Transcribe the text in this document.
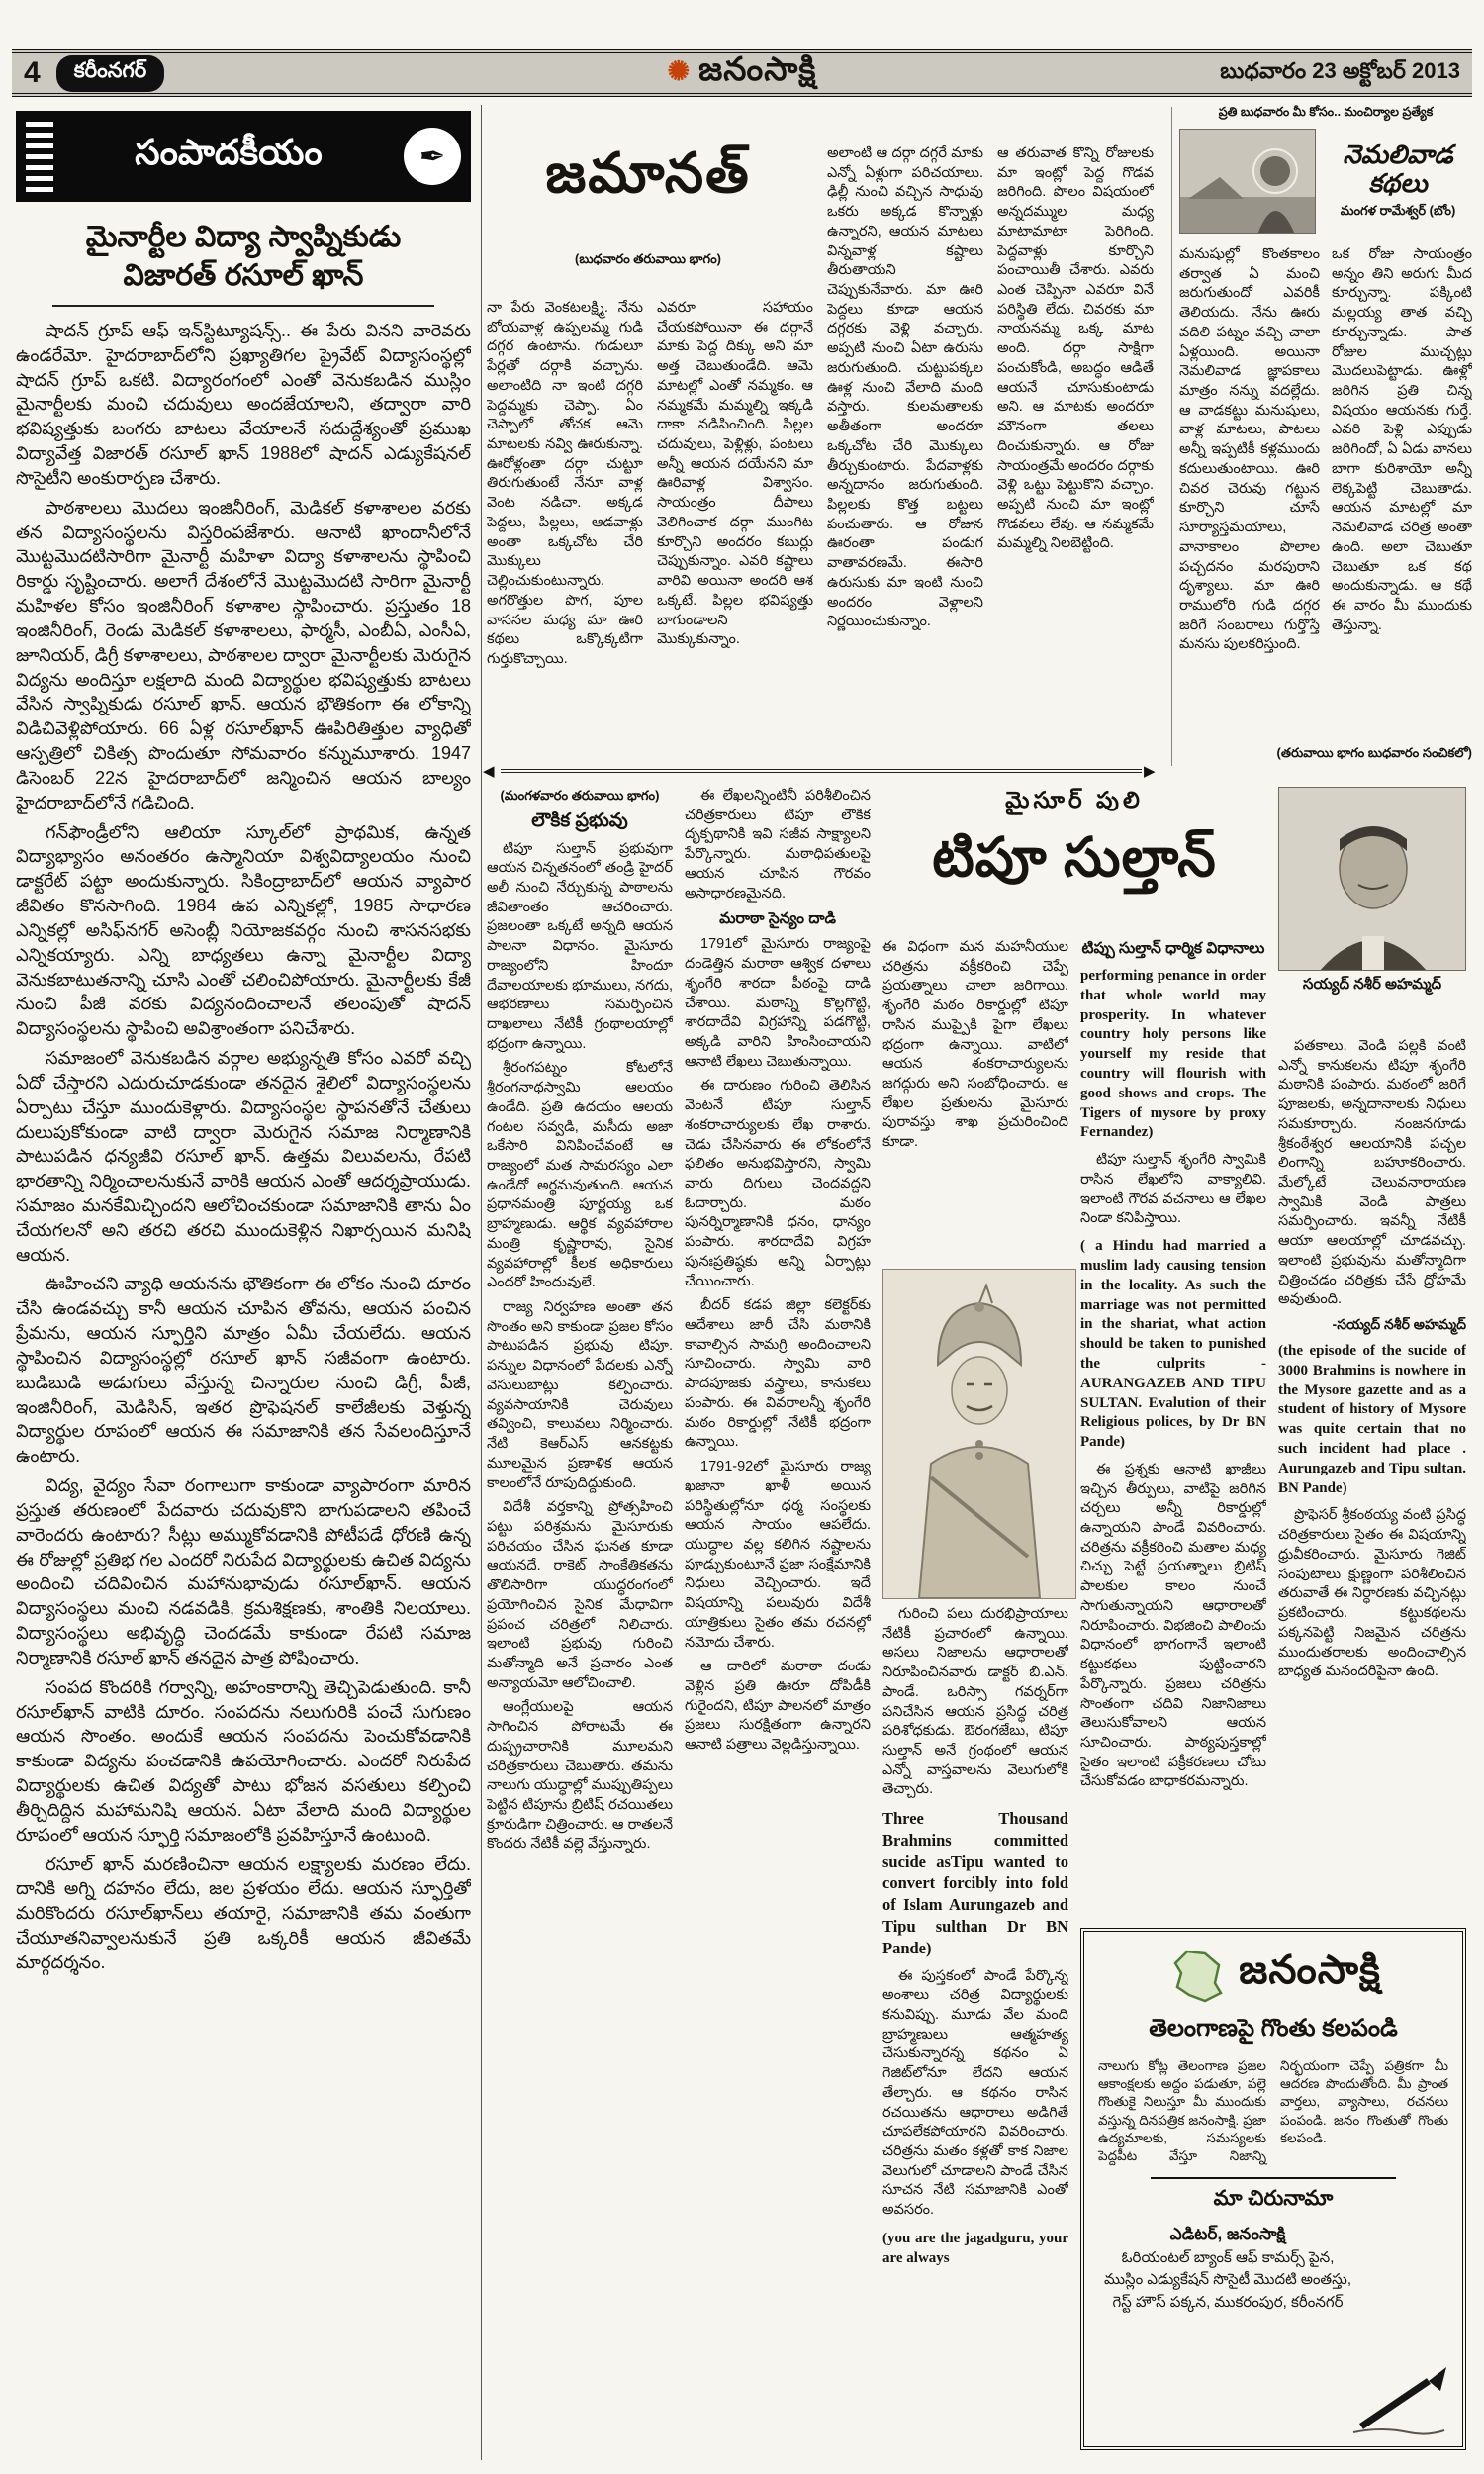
4	కరీంనగర్	✺ జనంసాక్షి	బుధవారం 23 అక్టోబర్ 2013
సంపాదకీయం	✒
మైనార్టీల విద్యా స్వాప్నికుడు
విజారత్ రసూల్ ఖాన్

షాదన్ గ్రూప్ ఆఫ్ ఇన్‌స్టిట్యూషన్స్.. ఈ పేరు వినని వారెవరు ఉండరేమో. హైదరాబాద్‌లోని ప్రఖ్యాతిగల ప్రైవేట్ విద్యాసంస్థల్లో షాదన్ గ్రూప్ ఒకటి. విద్యారంగంలో ఎంతో వెనుకబడిన ముస్లిం మైనార్టీలకు మంచి చదువులు అందజేయాలని, తద్వారా వారి భవిష్యత్తుకు బంగరు బాటలు వేయాలనే సదుద్దేశ్యంతో ప్రముఖ విద్యావేత్త విజారత్ రసూల్ ఖాన్ 1988లో షాదన్ ఎడ్యుకేషనల్ సొసైటీని అంకురార్పణ చేశారు.

పాఠశాలలు మొదలు ఇంజినీరింగ్, మెడికల్ కళాశాలల వరకు తన విద్యాసంస్థలను విస్తరింపజేశారు. ఆనాటి ఖాందానీలోనే మొట్టమొదటిసారిగా మైనార్టీ మహిళా విద్యా కళాశాలను స్థాపించి రికార్డు సృష్టించారు. అలాగే దేశంలోనే మొట్టమొదటి సారిగా మైనార్టీ మహిళల కోసం ఇంజినీరింగ్ కళాశాల స్థాపించారు. ప్రస్తుతం 18 ఇంజినీరింగ్, రెండు మెడికల్ కళాశాలలు, ఫార్మసీ, ఎంబీఏ, ఎంసీఏ, జూనియర్, డిగ్రీ కళాశాలలు, పాఠశాలల ద్వారా మైనార్టీలకు మెరుగైన విద్యను అందిస్తూ లక్షలాది మంది విద్యార్థుల భవిష్యత్తుకు బాటలు వేసిన స్వాప్నికుడు రసూల్ ఖాన్. ఆయన భౌతికంగా ఈ లోకాన్ని విడిచివెళ్లిపోయారు. 66 ఏళ్ల రసూల్‌ఖాన్ ఊపిరితిత్తుల వ్యాధితో ఆస్పత్రిలో చికిత్స పొందుతూ సోమవారం కన్నుమూశారు. 1947 డిసెంబర్ 22న హైదరాబాద్‌లో జన్మించిన ఆయన బాల్యం హైదరాబాద్‌లోనే గడిచింది.

గన్‌ఫౌండ్రీలోని ఆలియా స్కూల్‌లో ప్రాథమిక, ఉన్నత విద్యాభ్యాసం అనంతరం ఉస్మానియా విశ్వవిద్యాలయం నుంచి డాక్టరేట్ పట్టా అందుకున్నారు. సికింద్రాబాద్‌లో ఆయన వ్యాపార జీవితం కొనసాగింది. 1984 ఉప ఎన్నికల్లో, 1985 సాధారణ ఎన్నికల్లో అసిఫ్‌నగర్ అసెంబ్లీ నియోజకవర్గం నుంచి శాసనసభకు ఎన్నికయ్యారు. ఎన్ని బాధ్యతలు ఉన్నా మైనార్టీల విద్యా వెనుకబాటుతనాన్ని చూసి ఎంతో చలించిపోయారు. మైనార్టీలకు కేజీ నుంచి పీజీ వరకు విద్యనందించాలనే తలంపుతో షాదన్ విద్యాసంస్థలను స్థాపించి అవిశ్రాంతంగా పనిచేశారు.

సమాజంలో వెనుకబడిన వర్గాల అభ్యున్నతి కోసం ఎవరో వచ్చి ఏదో చేస్తారని ఎదురుచూడకుండా తనదైన శైలిలో విద్యాసంస్థలను ఏర్పాటు చేస్తూ ముందుకెళ్లారు. విద్యాసంస్థల స్థాపనతోనే చేతులు దులుపుకోకుండా వాటి ద్వారా మెరుగైన సమాజ నిర్మాణానికి పాటుపడిన ధన్యజీవి రసూల్ ఖాన్. ఉత్తమ విలువలను, రేపటి భారతాన్ని నిర్మించాలనుకునే వారికి ఆయన ఎంతో ఆదర్శప్రాయుడు. సమాజం మనకేమిచ్చిందని ఆలోచించకుండా సమాజానికి తాను ఏం చేయగలనో అని తరచి తరచి ముందుకెళ్లిన నిఖార్సయిన మనిషి ఆయన.

ఊహించని వ్యాధి ఆయనను భౌతికంగా ఈ లోకం నుంచి దూరం చేసి ఉండవచ్చు కానీ ఆయన చూపిన తోవను, ఆయన పంచిన ప్రేమను, ఆయన స్ఫూర్తిని మాత్రం ఏమీ చేయలేదు. ఆయన స్థాపించిన విద్యాసంస్థల్లో రసూల్ ఖాన్ సజీవంగా ఉంటారు. బుడిబుడి అడుగులు వేస్తున్న చిన్నారుల నుంచి డిగ్రీ, పీజీ, ఇంజినీరింగ్, మెడిసిన్, ఇతర ప్రొఫెషనల్ కాలేజీలకు వెళ్తున్న విద్యార్థుల రూపంలో ఆయన ఈ సమాజానికి తన సేవలందిస్తూనే ఉంటారు.

విద్య, వైద్యం సేవా రంగాలుగా కాకుండా వ్యాపారంగా మారిన ప్రస్తుత తరుణంలో పేదవారు చదువుకొని బాగుపడాలని తపించే వారెందరు ఉంటారు? సీట్లు అమ్ముకోవడానికి పోటీపడే ధోరణి ఉన్న ఈ రోజుల్లో ప్రతిభ గల ఎందరో నిరుపేద విద్యార్థులకు ఉచిత విద్యను అందించి చదివించిన మహానుభావుడు రసూల్‌ఖాన్. ఆయన విద్యాసంస్థలు మంచి నడవడికి, క్రమశిక్షణకు, శాంతికి నిలయాలు. విద్యాసంస్థలు అభివృద్ధి చెందడమే కాకుండా రేపటి సమాజ నిర్మాణానికి రసూల్ ఖాన్ తనదైన పాత్ర పోషించారు.

సంపద కొందరికి గర్వాన్ని, అహంకారాన్ని తెచ్చిపెడుతుంది. కానీ రసూల్‌ఖాన్ వాటికి దూరం. సంపదను నలుగురికి పంచే సుగుణం ఆయన సొంతం. అందుకే ఆయన సంపదను పెంచుకోవడానికి కాకుండా విద్యను పంచడానికి ఉపయోగించారు. ఎందరో నిరుపేద విద్యార్థులకు ఉచిత విద్యతో పాటు భోజన వసతులు కల్పించి తీర్చిదిద్దిన మహామనిషి ఆయన. ఏటా వేలాది మంది విద్యార్థుల రూపంలో ఆయన స్ఫూర్తి సమాజంలోకి ప్రవహిస్తూనే ఉంటుంది.

రసూల్ ఖాన్ మరణించినా ఆయన లక్ష్యాలకు మరణం లేదు. దానికి అగ్ని దహనం లేదు, జల ప్రళయం లేదు. ఆయన స్ఫూర్తితో మరికొందరు రసూల్‌ఖాన్‌లు తయారై, సమాజానికి తమ వంతుగా చేయూతనివ్వాలనుకునే ప్రతి ఒక్కరికీ ఆయన జీవితమే మార్గదర్శనం.

జమానత్
(బుధవారం తరువాయి భాగం)
నా పేరు వెంకటలక్ష్మి. నేను బోయవాళ్ల ఉప్పలమ్మ గుడి దగ్గర ఉంటాను. గుడులూ పేర్లతో దర్గాకి వచ్చాను. అలాంటిది నా ఇంటి దగ్గరి పెద్దమ్మకు చెప్పా. ఏం చెప్పాలో తోచక ఆమె మాటలకు నవ్వి ఊరుకున్నా. ఊరోళ్లంతా దర్గా చుట్టూ తిరుగుతుంటే నేనూ వాళ్ల వెంట నడిచా. అక్కడ పెద్దలు, పిల్లలు, ఆడవాళ్లు అంతా ఒక్కచోట చేరి మొక్కులు చెల్లించుకుంటున్నారు. అగరొత్తుల పొగ, పూల వాసనల మధ్య మా ఊరి కథలు ఒక్కొక్కటిగా గుర్తుకొచ్చాయి.
ఎవరూ సహాయం చేయకపోయినా ఈ దర్గానే మాకు పెద్ద దిక్కు అని మా అత్త చెబుతుండేది. ఆమె మాటల్లో ఎంతో నమ్మకం. ఆ నమ్మకమే మమ్మల్ని ఇక్కడి దాకా నడిపించింది. పిల్లల చదువులు, పెళ్లిళ్లు, పంటలు అన్నీ ఆయన దయేనని మా ఊరివాళ్ల విశ్వాసం. సాయంత్రం దీపాలు వెలిగించాక దర్గా ముంగిట కూర్చొని అందరం కబుర్లు చెప్పుకున్నాం. ఎవరి కష్టాలు వారివి అయినా అందరి ఆశ ఒక్కటే. పిల్లల భవిష్యత్తు బాగుండాలని మొక్కుకున్నాం.
అలాంటి ఆ దర్గా దగ్గరే మాకు ఎన్నో ఏళ్లుగా పరిచయాలు. ఢిల్లీ నుంచి వచ్చిన సాధువు ఒకరు అక్కడ కొన్నాళ్లు ఉన్నారని, ఆయన మాటలు విన్నవాళ్ల కష్టాలు తీరుతాయని చెప్పుకునేవారు. మా ఊరి పెద్దలు కూడా ఆయన దగ్గరకు వెళ్లి వచ్చారు. అప్పటి నుంచి ఏటా ఉరుసు జరుగుతుంది. చుట్టుపక్కల ఊళ్ల నుంచి వేలాది మంది వస్తారు. కులమతాలకు అతీతంగా అందరూ ఒక్కచోట చేరి మొక్కులు తీర్చుకుంటారు. పేదవాళ్లకు అన్నదానం జరుగుతుంది. పిల్లలకు కొత్త బట్టలు పంచుతారు. ఆ రోజున ఊరంతా పండుగ వాతావరణమే. ఈసారి ఉరుసుకు మా ఇంటి నుంచి అందరం వెళ్లాలని నిర్ణయించుకున్నాం.
ఆ తరువాత కొన్ని రోజులకు మా ఇంట్లో పెద్ద గొడవ జరిగింది. పొలం విషయంలో అన్నదమ్ముల మధ్య మాటామాటా పెరిగింది. పెద్దవాళ్లు కూర్చొని పంచాయితీ చేశారు. ఎవరు ఎంత చెప్పినా ఎవరూ వినే పరిస్థితి లేదు. చివరకు మా నాయనమ్మ ఒక్క మాట అంది. దర్గా సాక్షిగా పంచుకోండి, అబద్ధం ఆడితే ఆయనే చూసుకుంటాడు అని. ఆ మాటకు అందరూ మౌనంగా తలలు దించుకున్నారు. ఆ రోజు సాయంత్రమే అందరం దర్గాకు వెళ్లి ఒట్టు పెట్టుకొని వచ్చాం. అప్పటి నుంచి మా ఇంట్లో గొడవలు లేవు. ఆ నమ్మకమే మమ్మల్ని నిలబెట్టింది.
◀	▶
ప్రతి బుధవారం మీ కోసం.. మంచిర్యాల ప్రత్యేక
నెమలివాడ కథలు
మంగళ రామేశ్వర్ (బోం)
మనుషుల్లో కొంతకాలం తర్వాత ఏ మంచి జరుగుతుందో ఎవరికీ తెలియదు. నేను ఊరు వదిలి పట్నం వచ్చి చాలా ఏళ్లయింది. అయినా నెమలివాడ జ్ఞాపకాలు మాత్రం నన్ను వదల్లేదు. ఆ వాడకట్టు మనుషులు, వాళ్ల మాటలు, పాటలు అన్నీ ఇప్పటికీ కళ్లముందు కదులుతుంటాయి. ఊరి చివర చెరువు గట్టున కూర్చొని చూసే సూర్యాస్తమయాలు, వానాకాలం పొలాల పచ్చదనం మరపురాని దృశ్యాలు. మా ఊరి రాములోరి గుడి దగ్గర జరిగే సంబరాలు గుర్తొస్తే మనసు పులకరిస్తుంది.
ఒక రోజు సాయంత్రం అన్నం తిని అరుగు మీద కూర్చున్నా. పక్కింటి మల్లయ్య తాత వచ్చి కూర్చున్నాడు. పాత రోజుల ముచ్చట్లు మొదలుపెట్టాడు. ఊళ్లో జరిగిన ప్రతి చిన్న విషయం ఆయనకు గుర్తే. ఎవరి పెళ్లి ఎప్పుడు జరిగిందో, ఏ ఏడు వానలు బాగా కురిశాయో అన్నీ లెక్కపెట్టి చెబుతాడు. ఆయన మాటల్లో మా నెమలివాడ చరిత్ర అంతా ఉంది. అలా చెబుతూ చెబుతూ ఒక కథ అందుకున్నాడు. ఆ కథే ఈ వారం మీ ముందుకు తెస్తున్నా.
(తరువాయి భాగం బుధవారం సంచికలో)
(మంగళవారం తరువాయి భాగం)
లౌకిక ప్రభువు

టిపూ సుల్తాన్ ప్రభువుగా ఆయన చిన్నతనంలో తండ్రి హైదర్ అలీ నుంచి నేర్చుకున్న పాఠాలను జీవితాంతం ఆచరించారు. ప్రజలంతా ఒక్కటే అన్నది ఆయన పాలనా విధానం. మైసూరు రాజ్యంలోని హిందూ దేవాలయాలకు భూములు, నగదు, ఆభరణాలు సమర్పించిన దాఖలాలు నేటికీ గ్రంథాలయాల్లో భద్రంగా ఉన్నాయి.

శ్రీరంగపట్నం కోటలోనే శ్రీరంగనాథస్వామి ఆలయం ఉండేది. ప్రతి ఉదయం ఆలయ గంటల సవ్వడి, మసీదు అజా ఒకేసారి వినిపించేవంటే ఆ రాజ్యంలో మత సామరస్యం ఎలా ఉండేదో అర్థమవుతుంది. ఆయన ప్రధానమంత్రి పూర్ణయ్య ఒక బ్రాహ్మణుడు. ఆర్థిక వ్యవహారాల మంత్రి కృష్ణారావు, సైనిక వ్యవహారాల్లో కీలక అధికారులు ఎందరో హిందువులే.

రాజ్య నిర్వహణ అంతా తన సొంతం అని కాకుండా ప్రజల కోసం పాటుపడిన ప్రభువు టిపూ. పన్నుల విధానంలో పేదలకు ఎన్నో వెసులుబాట్లు కల్పించారు. వ్యవసాయానికి చెరువులు తవ్వించి, కాలువలు నిర్మించారు. నేటి కెఆర్ఎస్ ఆనకట్టకు మూలమైన ప్రణాళిక ఆయన కాలంలోనే రూపుదిద్దుకుంది.

విదేశీ వర్తకాన్ని ప్రోత్సహించి పట్టు పరిశ్రమను మైసూరుకు పరిచయం చేసిన ఘనత కూడా ఆయనదే. రాకెట్ సాంకేతికతను తొలిసారిగా యుద్ధరంగంలో ప్రయోగించిన సైనిక మేధావిగా ప్రపంచ చరిత్రలో నిలిచారు. ఇలాంటి ప్రభువు గురించి మతోన్మాది అనే ప్రచారం ఎంత అన్యాయమో ఆలోచించాలి.

ఆంగ్లేయులపై ఆయన సాగించిన పోరాటమే ఈ దుష్ప్రచారానికి మూలమని చరిత్రకారులు చెబుతారు. తమను నాలుగు యుద్ధాల్లో ముప్పుతిప్పలు పెట్టిన టిపూను బ్రిటిష్ రచయితలు క్రూరుడిగా చిత్రించారు. ఆ రాతలనే కొందరు నేటికీ వల్లె వేస్తున్నారు.

ఈ లేఖలన్నింటినీ పరిశీలించిన చరిత్రకారులు టిపూ లౌకిక దృక్పథానికి ఇవి సజీవ సాక్ష్యాలని పేర్కొన్నారు. మఠాధిపతులపై ఆయన చూపిన గౌరవం అసాధారణమైనది.

మరాఠా సైన్యం దాడి

1791లో మైసూరు రాజ్యంపై దండెత్తిన మరాఠా ఆశ్విక దళాలు శృంగేరి శారదా పీఠంపై దాడి చేశాయి. మఠాన్ని కొల్లగొట్టి, శారదాదేవి విగ్రహాన్ని పడగొట్టి, అక్కడి వారిని హింసించాయని ఆనాటి లేఖలు చెబుతున్నాయి.

ఈ దారుణం గురించి తెలిసిన వెంటనే టిపూ సుల్తాన్ శంకరాచార్యులకు లేఖ రాశారు. చెడు చేసినవారు ఈ లోకంలోనే ఫలితం అనుభవిస్తారని, స్వామి వారు దిగులు చెందవద్దని ఓదార్చారు. మఠం పునర్నిర్మాణానికి ధనం, ధాన్యం పంపారు. శారదాదేవి విగ్రహ పునఃప్రతిష్ఠకు అన్ని ఏర్పాట్లు చేయించారు.

బీదర్ కడప జిల్లా కలెక్టర్‌కు ఆదేశాలు జారీ చేసి మఠానికి కావాల్సిన సామగ్రి అందించాలని సూచించారు. స్వామి వారి పాదపూజకు వస్త్రాలు, కానుకలు పంపారు. ఈ వివరాలన్నీ శృంగేరి మఠం రికార్డుల్లో నేటికీ భద్రంగా ఉన్నాయి.

1791-92లో మైసూరు రాజ్య ఖజానా ఖాళీ అయిన పరిస్థితుల్లోనూ ధర్మ సంస్థలకు ఆయన సాయం ఆపలేదు. యుద్ధాల వల్ల కలిగిన నష్టాలను పూడ్చుకుంటూనే ప్రజా సంక్షేమానికి నిధులు వెచ్చించారు. ఇదే విషయాన్ని పలువురు విదేశీ యాత్రికులు సైతం తమ రచనల్లో నమోదు చేశారు.

ఆ దారిలో మరాఠా దండు వెళ్లిన ప్రతి ఊరూ దోపిడీకి గురైందని, టిపూ పాలనలో మాత్రం ప్రజలు సురక్షితంగా ఉన్నారని ఆనాటి పత్రాలు వెల్లడిస్తున్నాయి.

మైసూర్ పులి
టిపూ సుల్తాన్
సయ్యద్ నశీర్ అహమ్మద్
ఈ విధంగా మన మహనీయుల చరిత్రను వక్రీకరించి చెప్పే ప్రయత్నాలు చాలా జరిగాయి. శృంగేరి మఠం రికార్డుల్లో టిపూ రాసిన ముప్పైకి పైగా లేఖలు భద్రంగా ఉన్నాయి. వాటిలో ఆయన శంకరాచార్యులను జగద్గురు అని సంబోధించారు. ఆ లేఖల ప్రతులను మైసూరు పురావస్తు శాఖ ప్రచురించింది కూడా.

గురించి పలు దురభిప్రాయాలు నేటికీ ప్రచారంలో ఉన్నాయి. అసలు నిజాలను ఆధారాలతో నిరూపించినవారు డాక్టర్ బి.ఎన్. పాండే. ఒరిస్సా గవర్నర్‌గా పనిచేసిన ఆయన ప్రసిద్ధ చరిత్ర పరిశోధకుడు. ఔరంగజేబు, టిపూ సుల్తాన్ అనే గ్రంథంలో ఆయన ఎన్నో వాస్తవాలను వెలుగులోకి తెచ్చారు.

Three Thousand Brahmins committed sucide asTipu wanted to convert forcibly into fold of Islam Aurungazeb and Tipu sulthan Dr BN Pande)

ఈ పుస్తకంలో పాండే పేర్కొన్న అంశాలు చరిత్ర విద్యార్థులకు కనువిప్పు. మూడు వేల మంది బ్రాహ్మణులు ఆత్మహత్య చేసుకున్నారన్న కథనం ఏ గెజిట్‌లోనూ లేదని ఆయన తేల్చారు. ఆ కథనం రాసిన రచయితను ఆధారాలు అడిగితే చూపలేకపోయారని వివరించారు. చరిత్రను మతం కళ్లతో కాక నిజాల వెలుగులో చూడాలని పాండే చేసిన సూచన నేటి సమాజానికి ఎంతో అవసరం.

(you are the jagadguru, your are always
టిప్పు సుల్తాన్ ధార్మిక విధానాలు
performing penance in order that whole world may prosperity. In whatever country holy persons like yourself my reside that country will flourish with good shows and crops. The Tigers of mysore by proxy Fernandez)

టిపూ సుల్తాన్ శృంగేరి స్వామికి రాసిన లేఖలోని వాక్యాలివి. ఇలాంటి గౌరవ వచనాలు ఆ లేఖల నిండా కనిపిస్తాయి.

( a Hindu had married a muslim lady causing tension in the locality. As such the marriage was not permitted in the shariat, what action should be taken to punished the culprits - AURANGAZEB AND TIPU SULTAN. Evalution of their Religious polices, by Dr BN Pande)

ఈ ప్రశ్నకు ఆనాటి ఖాజీలు ఇచ్చిన తీర్పులు, వాటిపై జరిగిన చర్చలు అన్నీ రికార్డుల్లో ఉన్నాయని పాండే వివరించారు. చరిత్రను వక్రీకరించి మతాల మధ్య చిచ్చు పెట్టే ప్రయత్నాలు బ్రిటిష్ పాలకుల కాలం నుంచే సాగుతున్నాయని ఆధారాలతో నిరూపించారు. విభజించి పాలించు విధానంలో భాగంగానే ఇలాంటి కట్టుకథలు పుట్టించారని పేర్కొన్నారు. ప్రజలు చరిత్రను సొంతంగా చదివి నిజానిజాలు తెలుసుకోవాలని ఆయన సూచించారు. పాఠ్యపుస్తకాల్లో సైతం ఇలాంటి వక్రీకరణలు చోటు చేసుకోవడం బాధాకరమన్నారు.

పతకాలు, వెండి పల్లకి వంటి ఎన్నో కానుకలను టిపూ శృంగేరి మఠానికి పంపారు. మఠంలో జరిగే పూజలకు, అన్నదానాలకు నిధులు సమకూర్చారు. నంజనగూడు శ్రీకంఠేశ్వర ఆలయానికి పచ్చల లింగాన్ని బహూకరించారు. మేల్కోటే చెలువనారాయణ స్వామికి వెండి పాత్రలు సమర్పించారు. ఇవన్నీ నేటికీ ఆయా ఆలయాల్లో చూడవచ్చు. ఇలాంటి ప్రభువును మతోన్మాదిగా చిత్రించడం చరిత్రకు చేసే ద్రోహమే అవుతుంది.

-సయ్యద్ నశీర్ అహమ్మద్
(the episode of the sucide of 3000 Brahmins is nowhere in the Mysore gazette and as a student of history of Mysore was quite certain that no such incident had place . Aurungazeb and Tipu sultan. BN Pande)

ప్రొఫెసర్ శ్రీకంఠయ్య వంటి ప్రసిద్ధ చరిత్రకారులు సైతం ఈ విషయాన్ని ధ్రువీకరించారు. మైసూరు గెజిట్ సంపుటాలు క్షుణ్ణంగా పరిశీలించిన తరువాతే ఈ నిర్ధారణకు వచ్చినట్లు ప్రకటించారు. కట్టుకథలను పక్కనపెట్టి నిజమైన చరిత్రను ముందుతరాలకు అందించాల్సిన బాధ్యత మనందరిపైనా ఉంది.

జనంసాక్షి
తెలంగాణపై గొంతు కలపండి
నాలుగు కోట్ల తెలంగాణ ప్రజల ఆకాంక్షలకు అద్దం పడుతూ, పల్లె గొంతుకై నిలుస్తూ మీ ముందుకు వస్తున్న దినపత్రిక జనంసాక్షి. ప్రజా ఉద్యమాలకు, సమస్యలకు పెద్దపీట వేస్తూ నిజాన్ని నిర్భయంగా చెప్పే పత్రికగా మీ ఆదరణ పొందుతోంది. మీ ప్రాంత వార్తలు, వ్యాసాలు, రచనలు పంపండి. జనం గొంతుతో గొంతు కలపండి.
మా చిరునామా
ఎడిటర్, జనంసాక్షి
ఓరియంటల్ బ్యాంక్ ఆఫ్ కామర్స్ పైన,
ముస్లిం ఎడ్యుకేషన్ సొసైటీ మొదటి అంతస్తు,
గెస్ట్ హౌస్ పక్కన, ముకరంపుర, కరీంనగర్
